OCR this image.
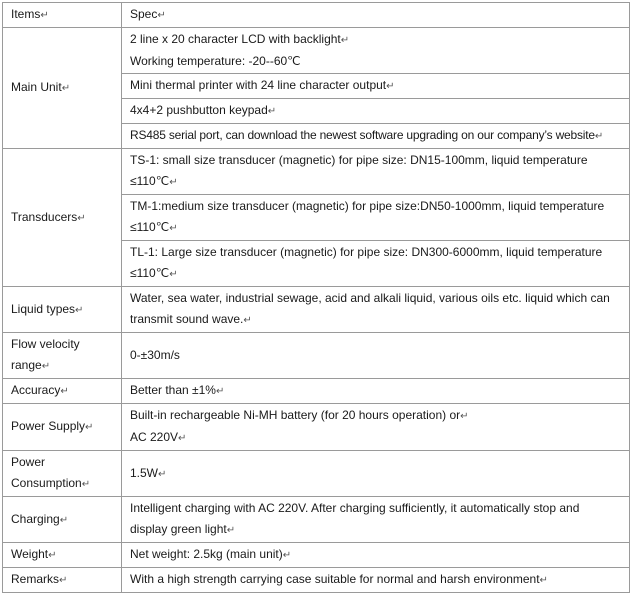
Items↵	Spec↵
Main Unit↵	2 line x 20 character LCD with backlight↵
Working temperature: -20--60℃

	Mini thermal printer with 24 line character output↵
	4x4+2 pushbutton keypad↵
	RS485 serial port, can download the newest software upgrading on our company’s website↵
Transducers↵	TS-1: small size transducer (magnetic) for pipe size: DN15-100mm, liquid temperature
≤110℃↵

	TM-1:medium size transducer (magnetic) for pipe size:DN50-1000mm, liquid temperature
≤110℃↵

	TL-1: Large size transducer (magnetic) for pipe size: DN300-6000mm, liquid temperature
≤110℃↵

Liquid types↵	Water, sea water, industrial sewage, acid and alkali liquid, various oils etc. liquid which can
transmit sound wave.↵

Flow velocity
range↵	0-±30m/s
Accuracy↵	Better than ±1%↵
Power Supply↵	Built-in rechargeable Ni-MH battery (for 20 hours operation) or↵
AC 220V↵

Power
Consumption↵	1.5W↵
Charging↵	Intelligent charging with AC 220V. After charging sufficiently, it automatically stop and
display green light↵

Weight↵	Net weight: 2.5kg (main unit)↵
Remarks↵	With a high strength carrying case suitable for normal and harsh environment↵
